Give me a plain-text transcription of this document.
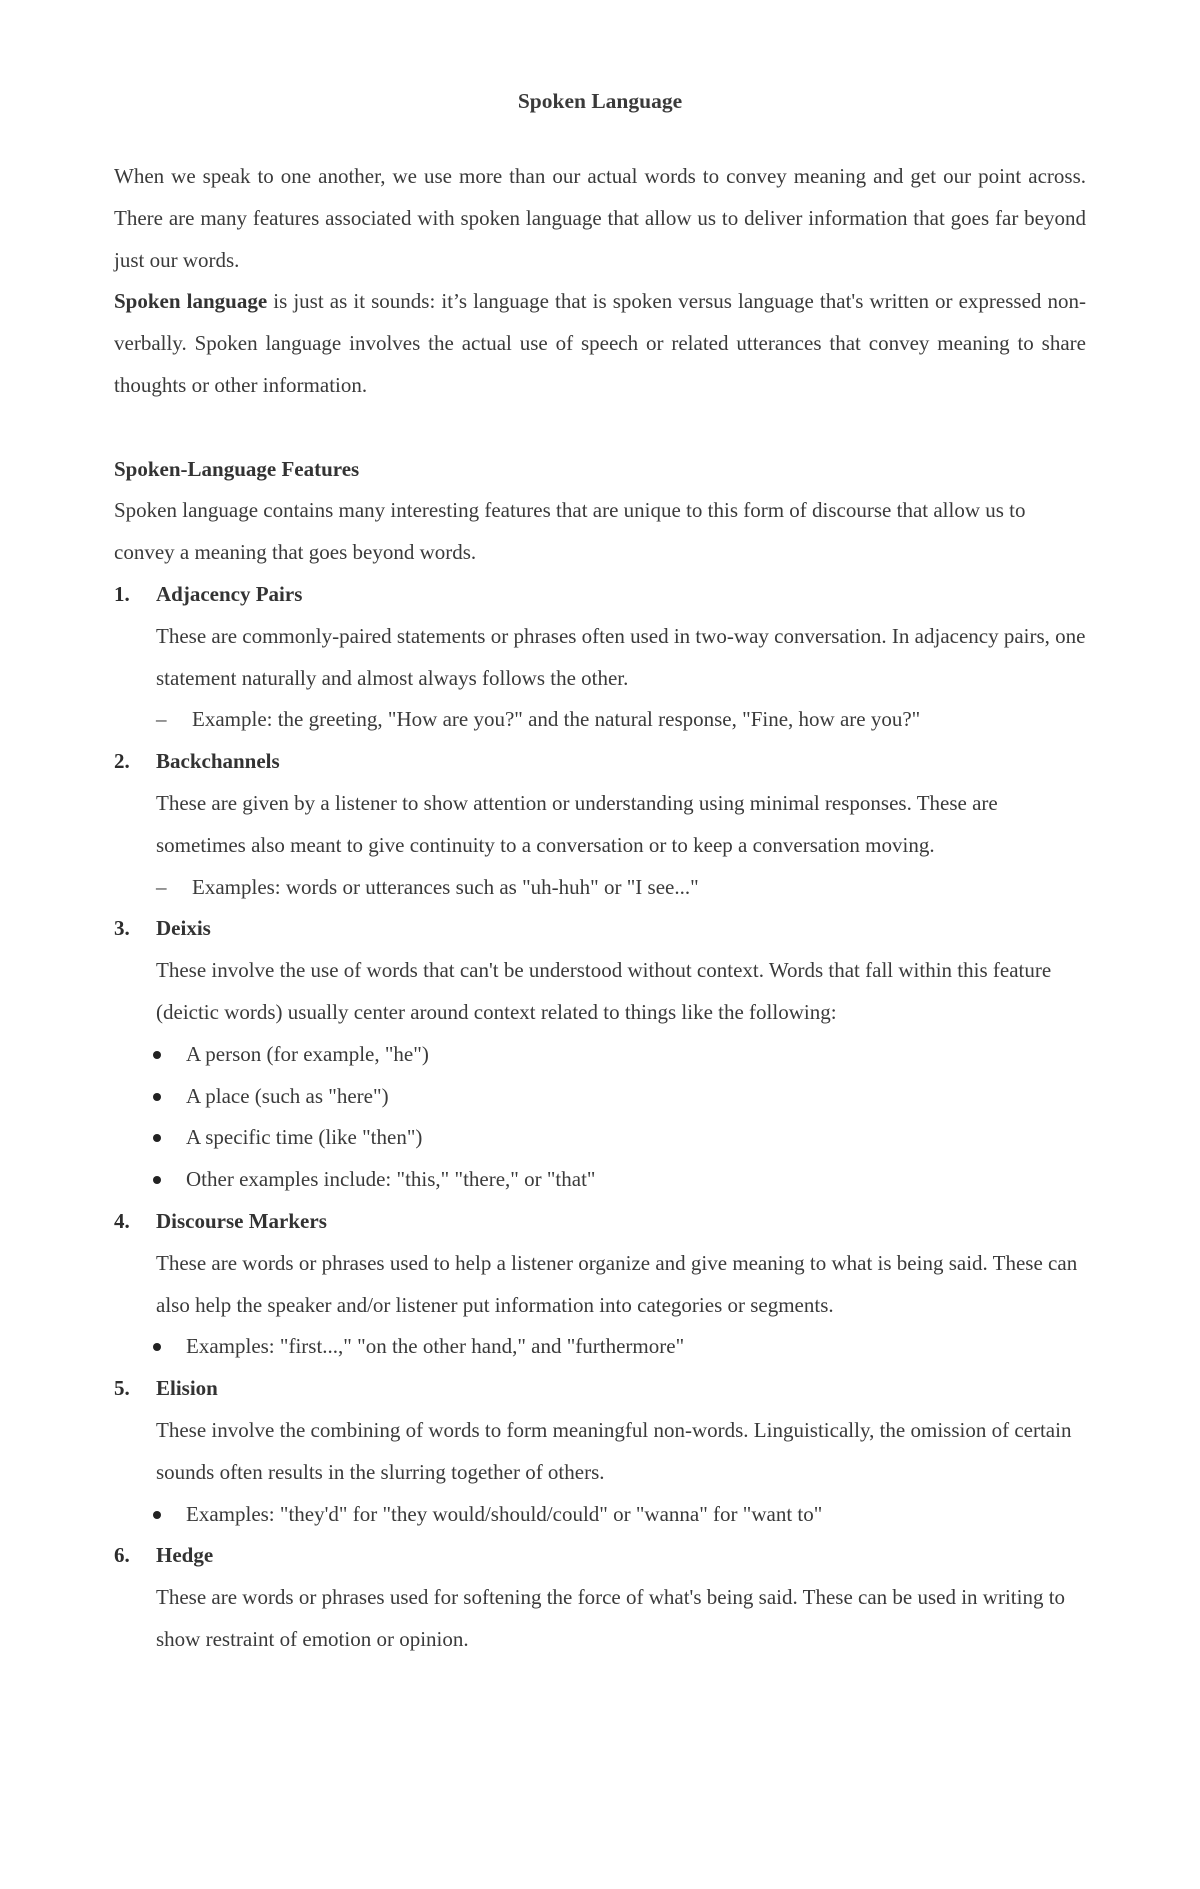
Spoken Language

When we speak to one another, we use more than our actual words to convey meaning and get our point across. There are many features associated with spoken language that allow us to deliver information that goes far beyond just our words.

Spoken language is just as it sounds: it’s language that is spoken versus language that's written or expressed non-verbally. Spoken language involves the actual use of speech or related utterances that convey meaning to share thoughts or other information.

Spoken-Language Features

Spoken language contains many interesting features that are unique to this form of discourse that allow us to convey a meaning that goes beyond words.

1. Adjacency Pairs

These are commonly-paired statements or phrases often used in two-way conversation. In adjacency pairs, one statement naturally and almost always follows the other.

– Example: the greeting, "How are you?" and the natural response, "Fine, how are you?"
2. Backchannels

These are given by a listener to show attention or understanding using minimal responses. These are sometimes also meant to give continuity to a conversation or to keep a conversation moving.

– Examples: words or utterances such as "uh-huh" or "I see..."
3. Deixis

These involve the use of words that can't be understood without context. Words that fall within this feature (deictic words) usually center around context related to things like the following:

A person (for example, "he")
A place (such as "here")
A specific time (like "then")
Other examples include: "this," "there," or "that"
4. Discourse Markers

These are words or phrases used to help a listener organize and give meaning to what is being said. These can also help the speaker and/or listener put information into categories or segments.

Examples: "first...," "on the other hand," and "furthermore"
5. Elision

These involve the combining of words to form meaningful non-words. Linguistically, the omission of certain sounds often results in the slurring together of others.

Examples: "they'd" for "they would/should/could" or "wanna" for "want to"
6. Hedge

These are words or phrases used for softening the force of what's being said. These can be used in writing to show restraint of emotion or opinion.
